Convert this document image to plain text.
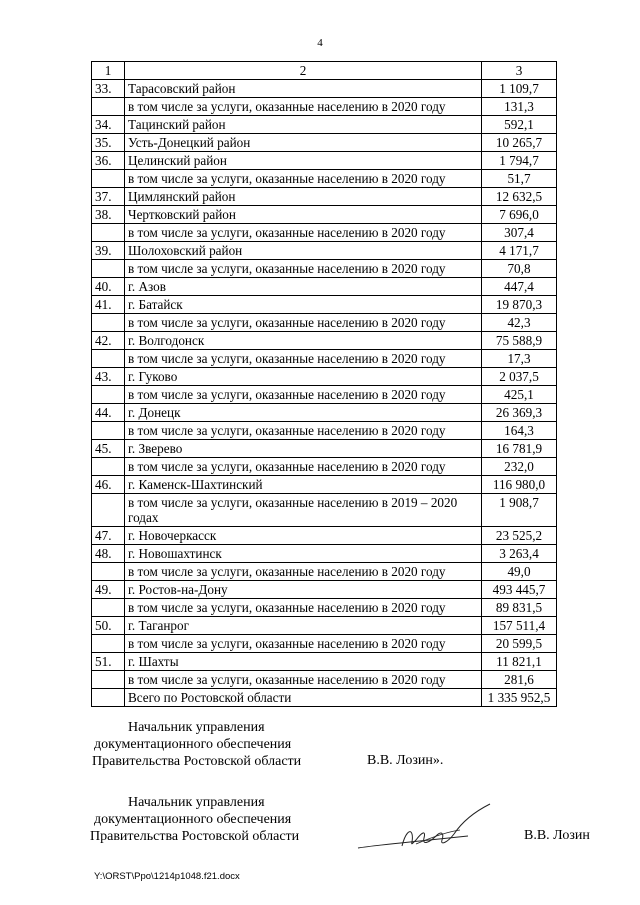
4
1	2	3
33.	Тарасовский район	1 109,7
	в том числе за услуги, оказанные населению в 2020 году	131,3
34.	Тацинский район	592,1
35.	Усть-Донецкий район	10 265,7
36.	Целинский район	1 794,7
	в том числе за услуги, оказанные населению в 2020 году	51,7
37.	Цимлянский район	12 632,5
38.	Чертковский район	7 696,0
	в том числе за услуги, оказанные населению в 2020 году	307,4
39.	Шолоховский район	4 171,7
	в том числе за услуги, оказанные населению в 2020 году	70,8
40.	г. Азов	447,4
41.	г. Батайск	19 870,3
	в том числе за услуги, оказанные населению в 2020 году	42,3
42.	г. Волгодонск	75 588,9
	в том числе за услуги, оказанные населению в 2020 году	17,3
43.	г. Гуково	2 037,5
	в том числе за услуги, оказанные населению в 2020 году	425,1
44.	г. Донецк	26 369,3
	в том числе за услуги, оказанные населению в 2020 году	164,3
45.	г. Зверево	16 781,9
	в том числе за услуги, оказанные населению в 2020 году	232,0
46.	г. Каменск-Шахтинский	116 980,0
	в том числе за услуги, оказанные населению в 2019 – 2020 годах	1 908,7
47.	г. Новочеркасск	23 525,2
48.	г. Новошахтинск	3 263,4
	в том числе за услуги, оказанные населению в 2020 году	49,0
49.	г. Ростов-на-Дону	493 445,7
	в том числе за услуги, оказанные населению в 2020 году	89 831,5
50.	г. Таганрог	157 511,4
	в том числе за услуги, оказанные населению в 2020 году	20 599,5
51.	г. Шахты	11 821,1
	в том числе за услуги, оказанные населению в 2020 году	281,6
	Всего по Ростовской области	1 335 952,5
Начальник управления
документационного обеспечения
Правительства Ростовской области	В.В. Лозин».
Начальник управления
документационного обеспечения
Правительства Ростовской области	В.В. Лозин
Y:\ORST\Ppo\1214p1048.f21.docx
